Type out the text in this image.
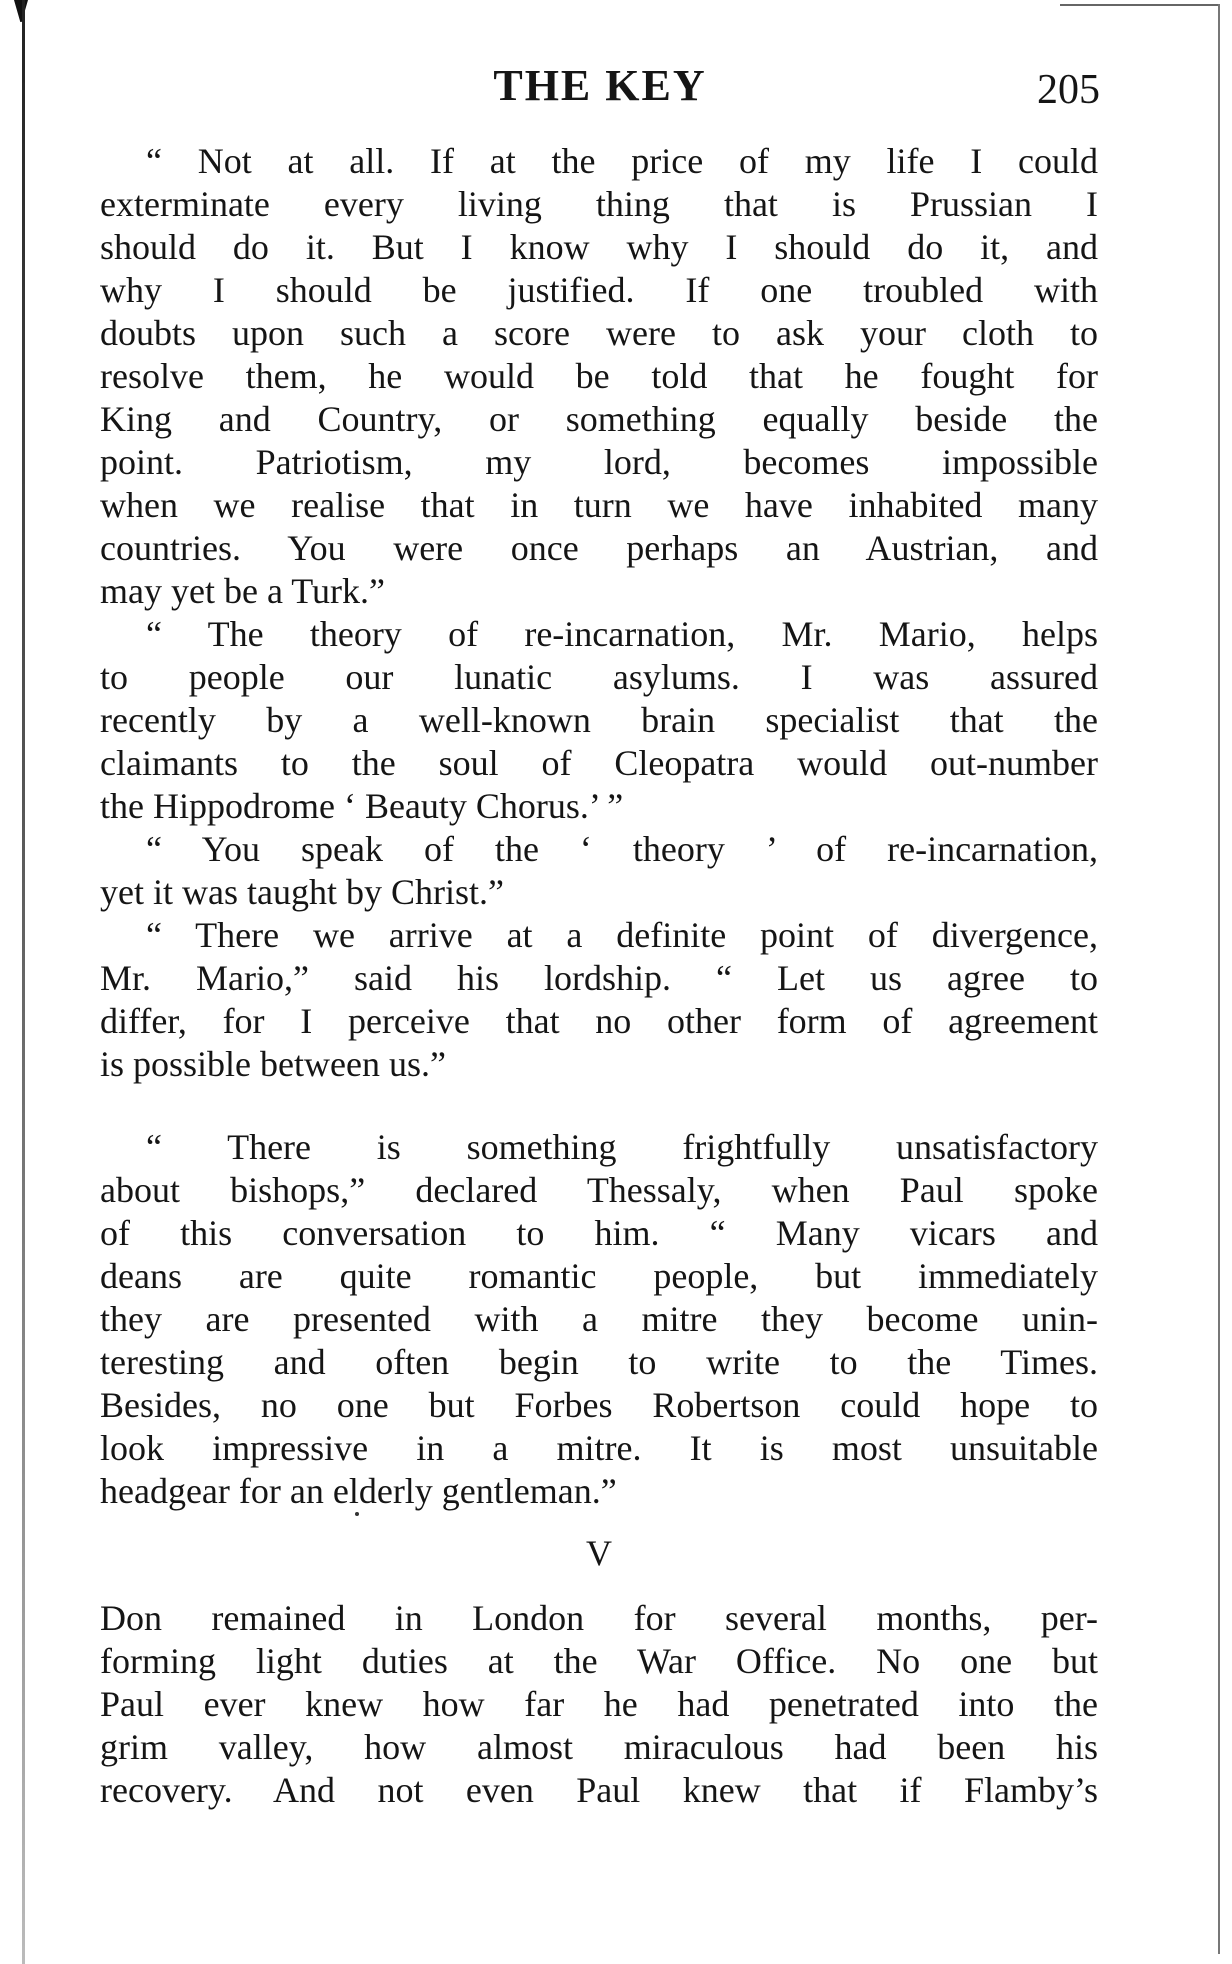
THE KEY	205
“ Not at all. If at the price of my life I could
exterminate every living thing that is Prussian I
should do it. But I know why I should do it, and
why I should be justified. If one troubled with
doubts upon such a score were to ask your cloth to
resolve them, he would be told that he fought for
King and Country, or something equally beside the
point. Patriotism, my lord, becomes impossible
when we realise that in turn we have inhabited many
countries. You were once perhaps an Austrian, and
may yet be a Turk.”
“ The theory of re-incarnation, Mr. Mario, helps
to people our lunatic asylums. I was assured
recently by a well-known brain specialist that the
claimants to the soul of Cleopatra would out-number
the Hippodrome ‘ Beauty Chorus.’ ”
“ You speak of the ‘ theory ’ of re-incarnation,
yet it was taught by Christ.”
“ There we arrive at a definite point of divergence,
Mr. Mario,” said his lordship. “ Let us agree to
differ, for I perceive that no other form of agreement
is possible between us.”
“ There is something frightfully unsatisfactory
about bishops,” declared Thessaly, when Paul spoke
of this conversation to him. “ Many vicars and
deans are quite romantic people, but immediately
they are presented with a mitre they become unin-
teresting and often begin to write to the Times.
Besides, no one but Forbes Robertson could hope to
look impressive in a mitre. It is most unsuitable
headgear for an elderly gentleman.”
V
Don remained in London for several months, per-
forming light duties at the War Office. No one but
Paul ever knew how far he had penetrated into the
grim valley, how almost miraculous had been his
recovery. And not even Paul knew that if Flamby’s
